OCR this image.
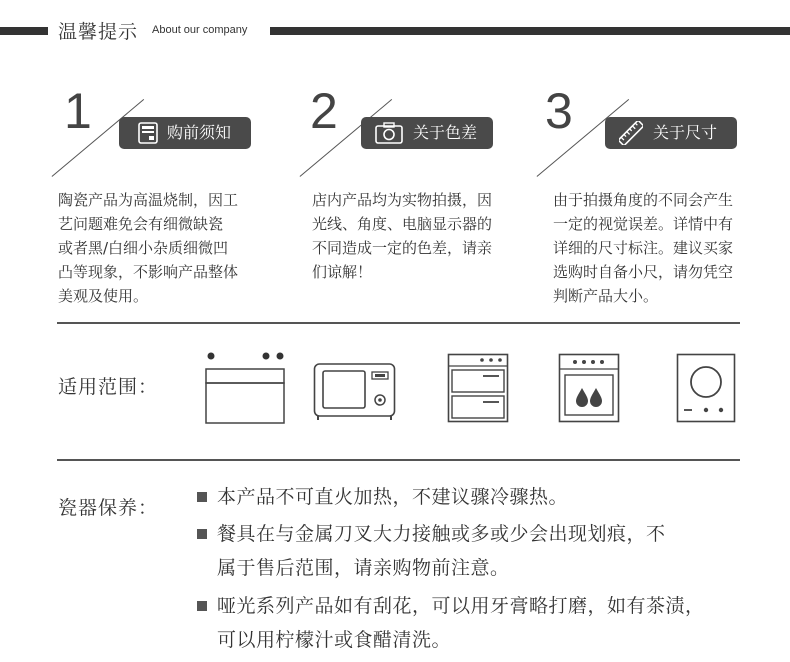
温馨提示 About our company
1	购前须知
陶瓷产品为高温烧制，因工
艺问题难免会有细微缺瓷
或者黑/白细小杂质细微凹
凸等现象，不影响产品整体
美观及使用。
2	关于色差
店内产品均为实物拍摄，因
光线、角度、电脑显示器的
不同造成一定的色差，请亲
们谅解！
3	关于尺寸
由于拍摄角度的不同会产生
一定的视觉误差。详情中有
详细的尺寸标注。建议买家
选购时自备小尺，请勿凭空
判断产品大小。
适用范围：
瓷器保养：	本产品不可直火加热，不建议骤冷骤热。
餐具在与金属刀叉大力接触或多或少会出现划痕，不
属于售后范围，请亲购物前注意。
哑光系列产品如有刮花，可以用牙膏略打磨，如有茶渍，
可以用柠檬汁或食醋清洗。
